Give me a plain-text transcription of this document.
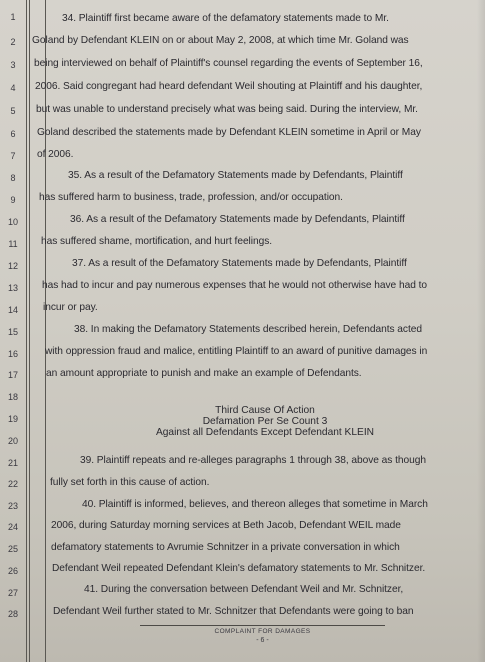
1
2
3
4
5
6
7
8
9
10
11
12
13
14
15
16
17
18
19
20
21
22
23
24
25
26
27
28
34. Plaintiff first became aware of the defamatory statements made to Mr.
Goland by Defendant KLEIN on or about May 2, 2008, at which time Mr. Goland was
being interviewed on behalf of Plaintiff's counsel regarding the events of September 16,
2006. Said congregant had heard defendant Weil shouting at Plaintiff and his daughter,
but was unable to understand precisely what was being said. During the interview, Mr.
Goland described the statements made by Defendant KLEIN sometime in April or May
of 2006.
35. As a result of the Defamatory Statements made by Defendants, Plaintiff
has suffered harm to business, trade, profession, and/or occupation.
36. As a result of the Defamatory Statements made by Defendants, Plaintiff
has suffered shame, mortification, and hurt feelings.
37. As a result of the Defamatory Statements made by Defendants, Plaintiff
has had to incur and pay numerous expenses that he would not otherwise have had to
incur or pay.
38. In making the Defamatory Statements described herein, Defendants acted
with oppression fraud and malice, entitling Plaintiff to an award of punitive damages in
an amount appropriate to punish and make an example of Defendants.
Third Cause Of Action
Defamation Per Se Count 3
Against all Defendants Except Defendant KLEIN
39. Plaintiff repeats and re-alleges paragraphs 1 through 38, above as though
fully set forth in this cause of action.
40. Plaintiff is informed, believes, and thereon alleges that sometime in March
2006, during Saturday morning services at Beth Jacob, Defendant WEIL made
defamatory statements to Avrumie Schnitzer in a private conversation in which
Defendant Weil repeated Defendant Klein's defamatory statements to Mr. Schnitzer.
41. During the conversation between Defendant Weil and Mr. Schnitzer,
Defendant Weil further stated to Mr. Schnitzer that Defendants were going to ban
COMPLAINT FOR DAMAGES
- 6 -
